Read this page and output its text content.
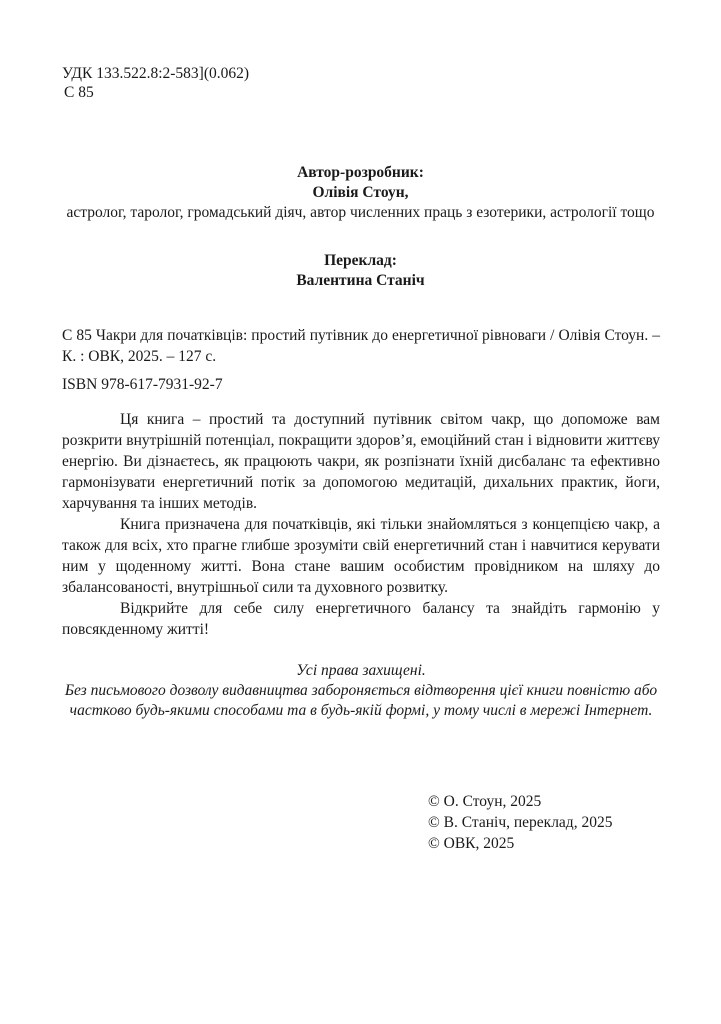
УДК 133.522.8:2-583](0.062)
С 85
Автор-розробник:
Олівія Стоун,
астролог, таролог, громадський діяч, автор численних праць з езотерики, астрології тощо
Переклад:
Валентина Станіч
С 85 Чакри для початківців: простий путівник до енергетичної рівноваги / Олівія Стоун. – К. : ОВК, 2025. – 127 с.
ISBN 978-617-7931-92-7

Ця книга – простий та доступний путівник світом чакр, що допоможе вам розкрити внутрішній потенціал, покращити здоров’я, емоційний стан і відновити життєву енергію. Ви дізнаєтесь, як працюють чакри, як розпізнати їхній дисбаланс та ефективно гармонізувати енергетичний потік за допомогою медитацій, дихальних практик, йоги, харчування та інших методів.

Книга призначена для початківців, які тільки знайомляться з концепцією чакр, а також для всіх, хто прагне глибше зрозуміти свій енергетичний стан і навчитися керувати ним у щоденному житті. Вона стане вашим особистим провідником на шляху до збалансованості, внутрішньої сили та духовного розвитку.

Відкрийте для себе силу енергетичного балансу та знайдіть гармонію у повсякденному житті!

Усі права захищені.
Без письмового дозволу видавництва забороняється відтворення цієї книги повністю або частково будь-якими способами та в будь-якій формі, у тому числі в мережі Інтернет.
© О. Стоун, 2025
© В. Станіч, переклад, 2025
© ОВК, 2025
